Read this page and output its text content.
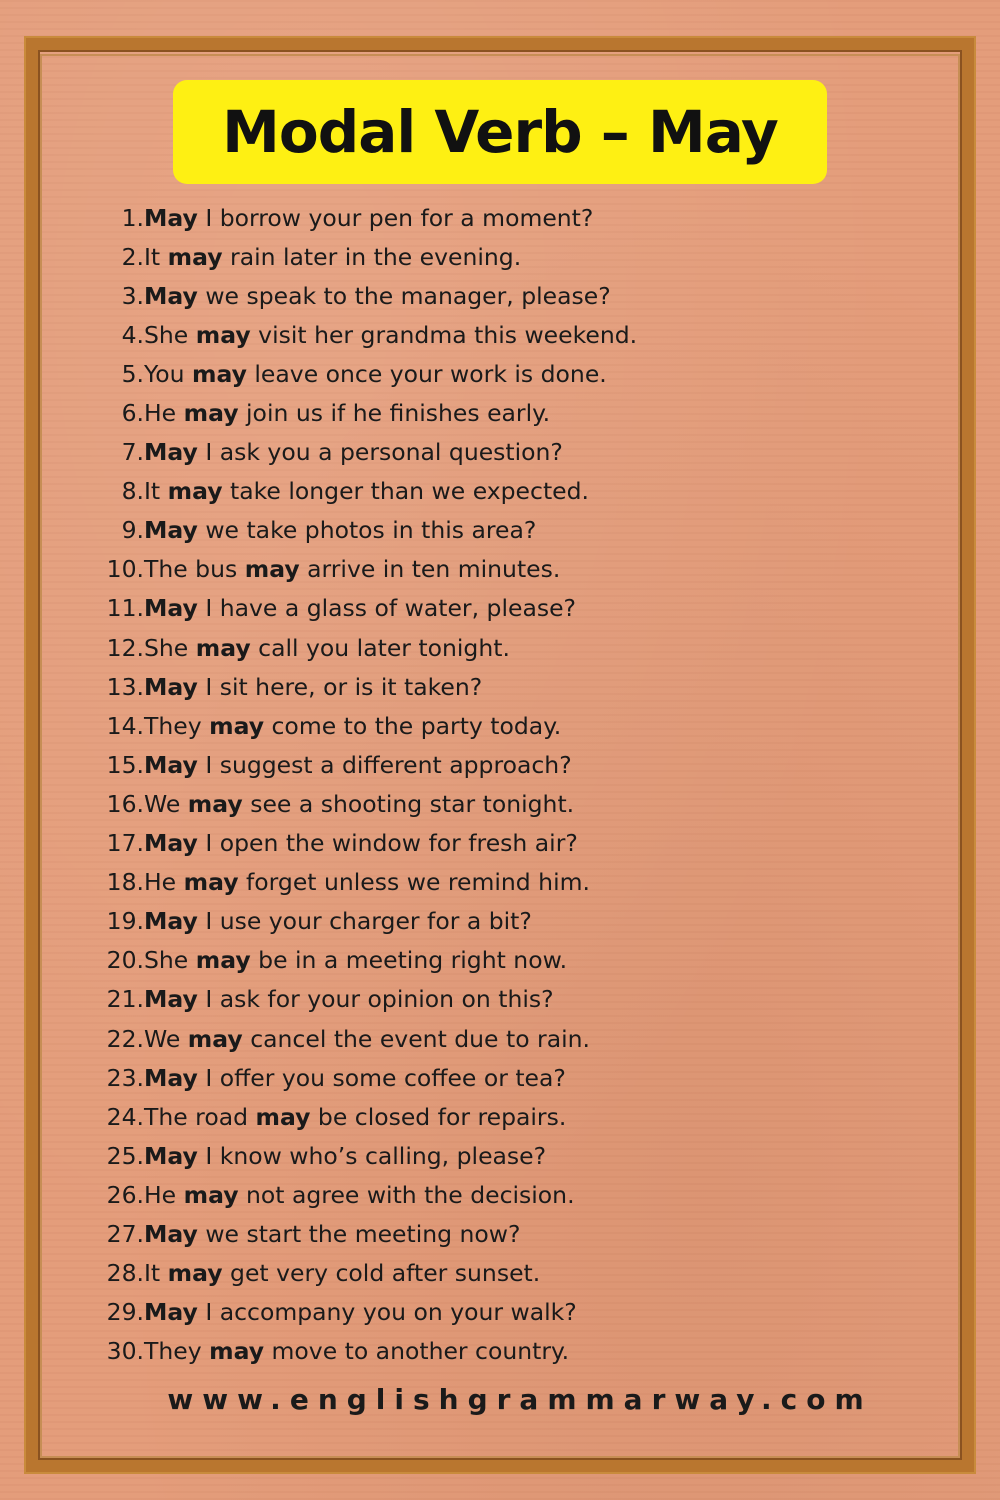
Modal Verb – May
1. May I borrow your pen for a moment?
2. It may rain later in the evening.
3. May we speak to the manager, please?
4. She may visit her grandma this weekend.
5. You may leave once your work is done.
6. He may join us if he finishes early.
7. May I ask you a personal question?
8. It may take longer than we expected.
9. May we take photos in this area?
10. The bus may arrive in ten minutes.
11. May I have a glass of water, please?
12. She may call you later tonight.
13. May I sit here, or is it taken?
14. They may come to the party today.
15. May I suggest a different approach?
16. We may see a shooting star tonight.
17. May I open the window for fresh air?
18. He may forget unless we remind him.
19. May I use your charger for a bit?
20. She may be in a meeting right now.
21. May I ask for your opinion on this?
22. We may cancel the event due to rain.
23. May I offer you some coffee or tea?
24. The road may be closed for repairs.
25. May I know who’s calling, please?
26. He may not agree with the decision.
27. May we start the meeting now?
28. It may get very cold after sunset.
29. May I accompany you on your walk?
30. They may move to another country.
www.englishgrammarway.com
